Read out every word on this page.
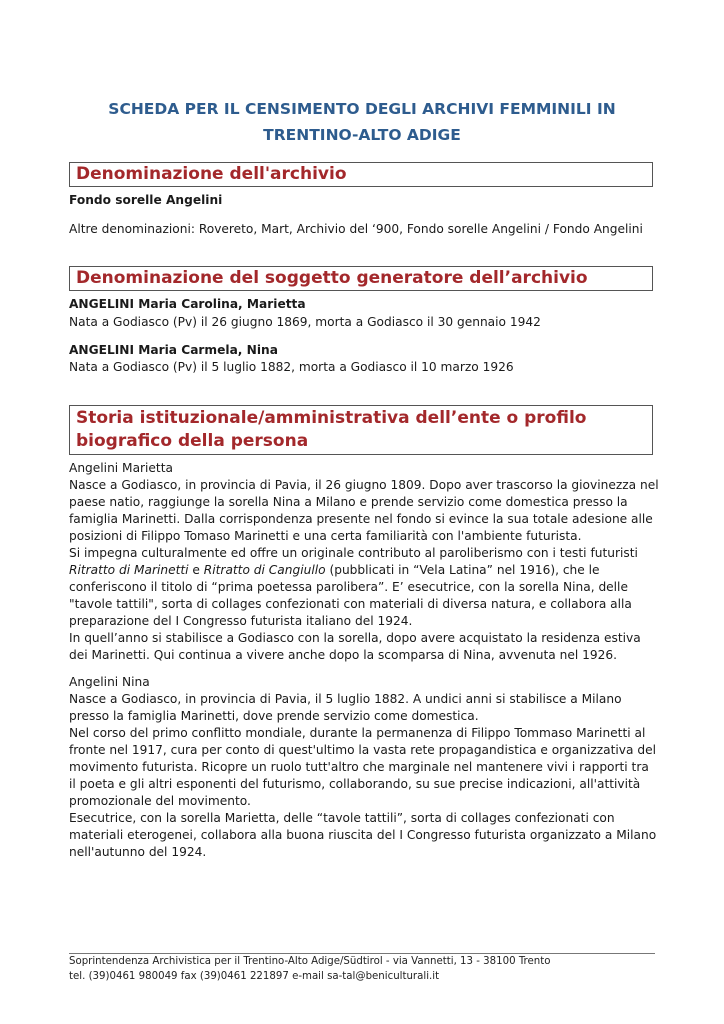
SCHEDA PER IL CENSIMENTO DEGLI ARCHIVI FEMMINILI IN
TRENTINO-ALTO ADIGE
Denominazione dell'archivio
Fondo sorelle Angelini
Altre denominazioni: Rovereto, Mart, Archivio del ‘900, Fondo sorelle Angelini / Fondo Angelini
Denominazione del soggetto generatore dell’archivio
ANGELINI Maria Carolina, Marietta
Nata a Godiasco (Pv) il 26 giugno 1869, morta a Godiasco il 30 gennaio 1942
ANGELINI Maria Carmela, Nina
Nata a Godiasco (Pv) il 5 luglio 1882, morta a Godiasco il 10 marzo 1926
Storia istituzionale/amministrativa dell’ente o profilo
biografico della persona

Angelini Marietta

Nasce a Godiasco, in provincia di Pavia, il 26 giugno 1809. Dopo aver trascorso la giovinezza nel paese natio, raggiunge la sorella Nina a Milano e prende servizio come domestica presso la famiglia Marinetti. Dalla corrispondenza presente nel fondo si evince la sua totale adesione alle posizioni di Filippo Tomaso Marinetti e una certa familiarità con l'ambiente futurista.

Si impegna culturalmente ed offre un originale contributo al paroliberismo con i testi futuristi Ritratto di Marinetti e Ritratto di Cangiullo (pubblicati in “Vela Latina” nel 1916), che le conferiscono il titolo di “prima poetessa parolibera”. E’ esecutrice, con la sorella Nina, delle "tavole tattili", sorta di collages confezionati con materiali di diversa natura, e collabora alla preparazione del I Congresso futurista italiano del 1924.

In quell’anno si stabilisce a Godiasco con la sorella, dopo avere acquistato la residenza estiva dei Marinetti. Qui continua a vivere anche dopo la scomparsa di Nina, avvenuta nel 1926.

Angelini Nina

Nasce a Godiasco, in provincia di Pavia, il 5 luglio 1882. A undici anni si stabilisce a Milano presso la famiglia Marinetti, dove prende servizio come domestica.

Nel corso del primo conflitto mondiale, durante la permanenza di Filippo Tommaso Marinetti al fronte nel 1917, cura per conto di quest'ultimo la vasta rete propagandistica e organizzativa del movimento futurista. Ricopre un ruolo tutt'altro che marginale nel mantenere vivi i rapporti tra il poeta e gli altri esponenti del futurismo, collaborando, su sue precise indicazioni, all'attività promozionale del movimento.

Esecutrice, con la sorella Marietta, delle “tavole tattili”, sorta di collages confezionati con materiali eterogenei, collabora alla buona riuscita del I Congresso futurista organizzato a Milano nell'autunno del 1924.

Soprintendenza Archivistica per il Trentino-Alto Adige/Südtirol - via Vannetti, 13 - 38100 Trento

tel. (39)0461 980049 fax (39)0461 221897 e-mail sa-tal@beniculturali.it
